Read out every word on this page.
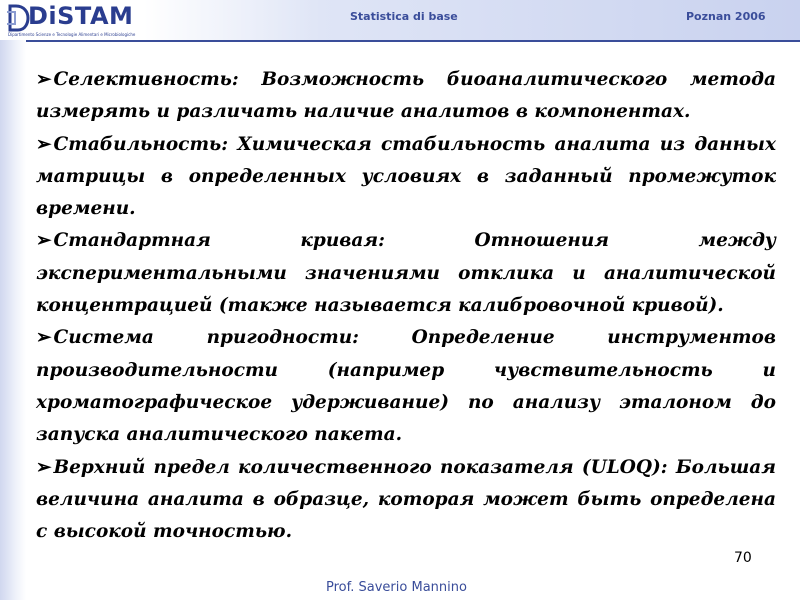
DiSTAM
Dipartimento Scienze e Tecnologie Alimentari e Microbiologiche
Statistica di base	Poznan 2006
➢ Селективность: Возможность биоаналитического метода измерять и различать наличие аналитов в компонентах.
➢ Стабильность: Химическая стабильность аналита из данных матрицы в определенных условиях в заданный промежуток времени.
➢ Стандартная кривая: Отношения между экспериментальными значениями отклика и аналитической концентрацией (также называется калибровочной кривой).
➢ Система пригодности: Определение инструментов производительности (например чувствительность и хроматографическое удерживание) по анализу эталоном до запуска аналитического пакета.
➢ Верхний предел количественного показателя (ULOQ): Большая величина аналита в образце, которая может быть определена с высокой точностью.
70
Prof. Saverio Mannino
